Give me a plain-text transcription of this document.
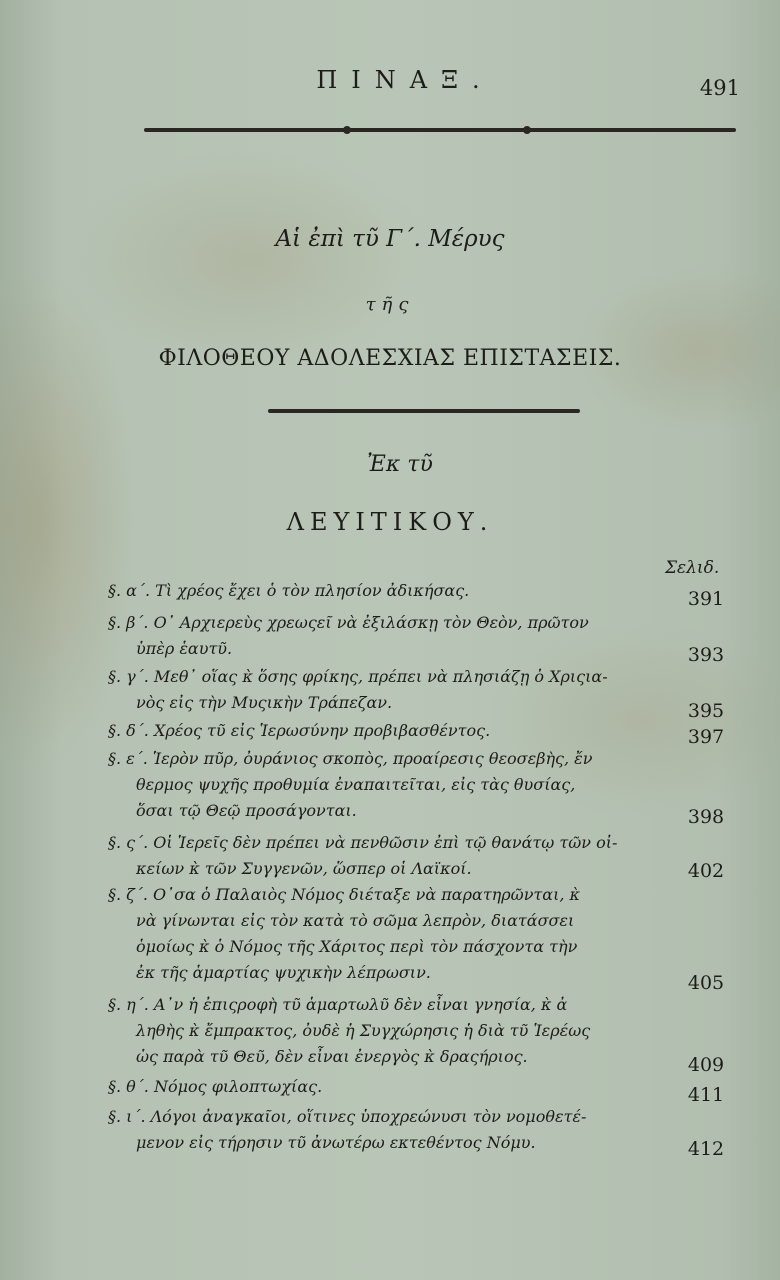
ΠΙΝΑΞ.	491
Αἱ ἐπὶ τῦ Γ΄. Μέρυς
τῆς
ΦΙΛΟΘΕΟΥ ΑΔΟΛΕΣΧΙΑΣ ΕΠΙΣΤΑΣΕΙΣ.
Ἐκ τῦ
ΛΕΥΙΤΙΚΟΥ.
Σελιδ.
§. α΄. Τὶ χρέος ἔχει ὁ τὸν πλησίον ἀδικήσας.	391
§. β΄. Ο᾿ Αρχιερεὺς χρεωςεῖ νὰ ἐξιλάσκῃ τὸν Θεὸν, πρῶτον
ὑπὲρ ἑαυτῦ.	393
§. γ΄. Μεθ᾿ οἵας κ̀ ὅσης φρίκης, πρέπει νὰ πλησιάζῃ ὁ Χριςια-
νὸς εἰς τὴν Μυςικὴν Τράπεζαν.	395
§. δ΄. Χρέος τῦ εἰς Ἱερωσύνην προβιβασθέντος.	397
§. ε΄. Ἱερὸν πῦρ, ὀυράνιος σκοπὸς, προαίρεσις θεοσεβὴς, ἔν
θερμος ψυχῆς προθυμία ἐναπαιτεῖται, εἰς τὰς θυσίας,
ὅσαι τῷ Θεῷ προσάγονται.	398
§. ς΄. Οἱ Ἱερεῖς δὲν πρέπει νὰ πενθῶσιν ἐπὶ τῷ θανάτῳ τῶν οἰ-
κείων κ̀ τῶν Συγγενῶν, ὥσπερ οἱ Λαϊκοί.	402
§. ζ΄. Ο᾿σα ὁ Παλαιὸς Νόμος διέταξε νὰ παρατηρῶνται, κ̀
νὰ γίνωνται εἰς τὸν κατὰ τὸ σῶμα λεπρὸν, διατάσσει
ὁμοίως κ̀ ὁ Νόμος τῆς Χάριτος περὶ τὸν πάσχοντα τὴν
ἐκ τῆς ἁμαρτίας ψυχικὴν λέπρωσιν.	405
§. η΄. Α᾿ν ἡ ἐπιςροφὴ τῦ ἁμαρτωλῦ δὲν εἶναι γνησία, κ̀ ἀ
ληθὴς κ̀ ἔμπρακτος, ὀυδὲ ἡ Συγχώρησις ἡ διὰ τῦ Ἱερέως
ὡς παρὰ τῦ Θεῦ, δὲν εἶναι ἐνεργὸς κ̀ δραςήριος.	409
§. θ΄. Νόμος φιλοπτωχίας.	411
§. ι΄. Λόγοι ἀναγκαῖοι, οἵτινες ὑποχρεώνυσι τὸν νομοθετέ-
μενον εἰς τήρησιν τῦ ἀνωτέρω εκτεθέντος Νόμυ.	412
